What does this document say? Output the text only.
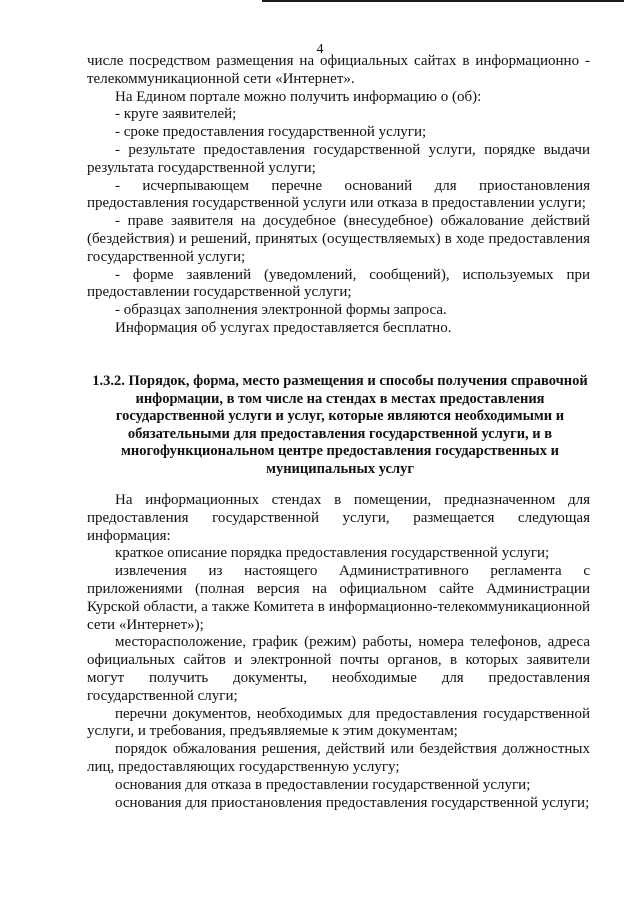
4

числе посредством размещения на официальных сайтах в информационно - телекоммуникационной сети «Интернет».

На Едином портале можно получить информацию о (об):

- круге заявителей;

- сроке предоставления государственной услуги;

- результате предоставления государственной услуги, порядке выдачи результата государственной услуги;

- исчерпывающем перечне оснований для приостановления предоставления государственной услуги или отказа в предоставлении услуги;

- праве заявителя на досудебное (внесудебное) обжалование действий (бездействия) и решений, принятых (осуществляемых) в ходе предоставления государственной услуги;

- форме заявлений (уведомлений, сообщений), используемых при предоставлении государственной услуги;

- образцах заполнения электронной формы запроса.

Информация об услугах предоставляется бесплатно.

1.3.2. Порядок, форма, место размещения и способы получения справочной информации, в том числе на стендах в местах предоставления государственной услуги и услуг, которые являются необходимыми и обязательными для предоставления государственной услуги, и в многофункциональном центре предоставления государственных и муниципальных услуг

На информационных стендах в помещении, предназначенном для предоставления государственной услуги, размещается следующая информация:

краткое описание порядка предоставления государственной услуги;

извлечения из настоящего Административного регламента с приложениями (полная версия на официальном сайте Администрации Курской области, а также Комитета в информационно-телекоммуникационной сети «Интернет»);

месторасположение, график (режим) работы, номера телефонов, адреса официальных сайтов и электронной почты органов, в которых заявители могут получить документы, необходимые для предоставления государственной слуги;

перечни документов, необходимых для предоставления государственной услуги, и требования, предъявляемые к этим документам;

порядок обжалования решения, действий или бездействия должностных лиц, предоставляющих государственную услугу;

основания для отказа в предоставлении государственной услуги;

основания для приостановления предоставления государственной услуги;
